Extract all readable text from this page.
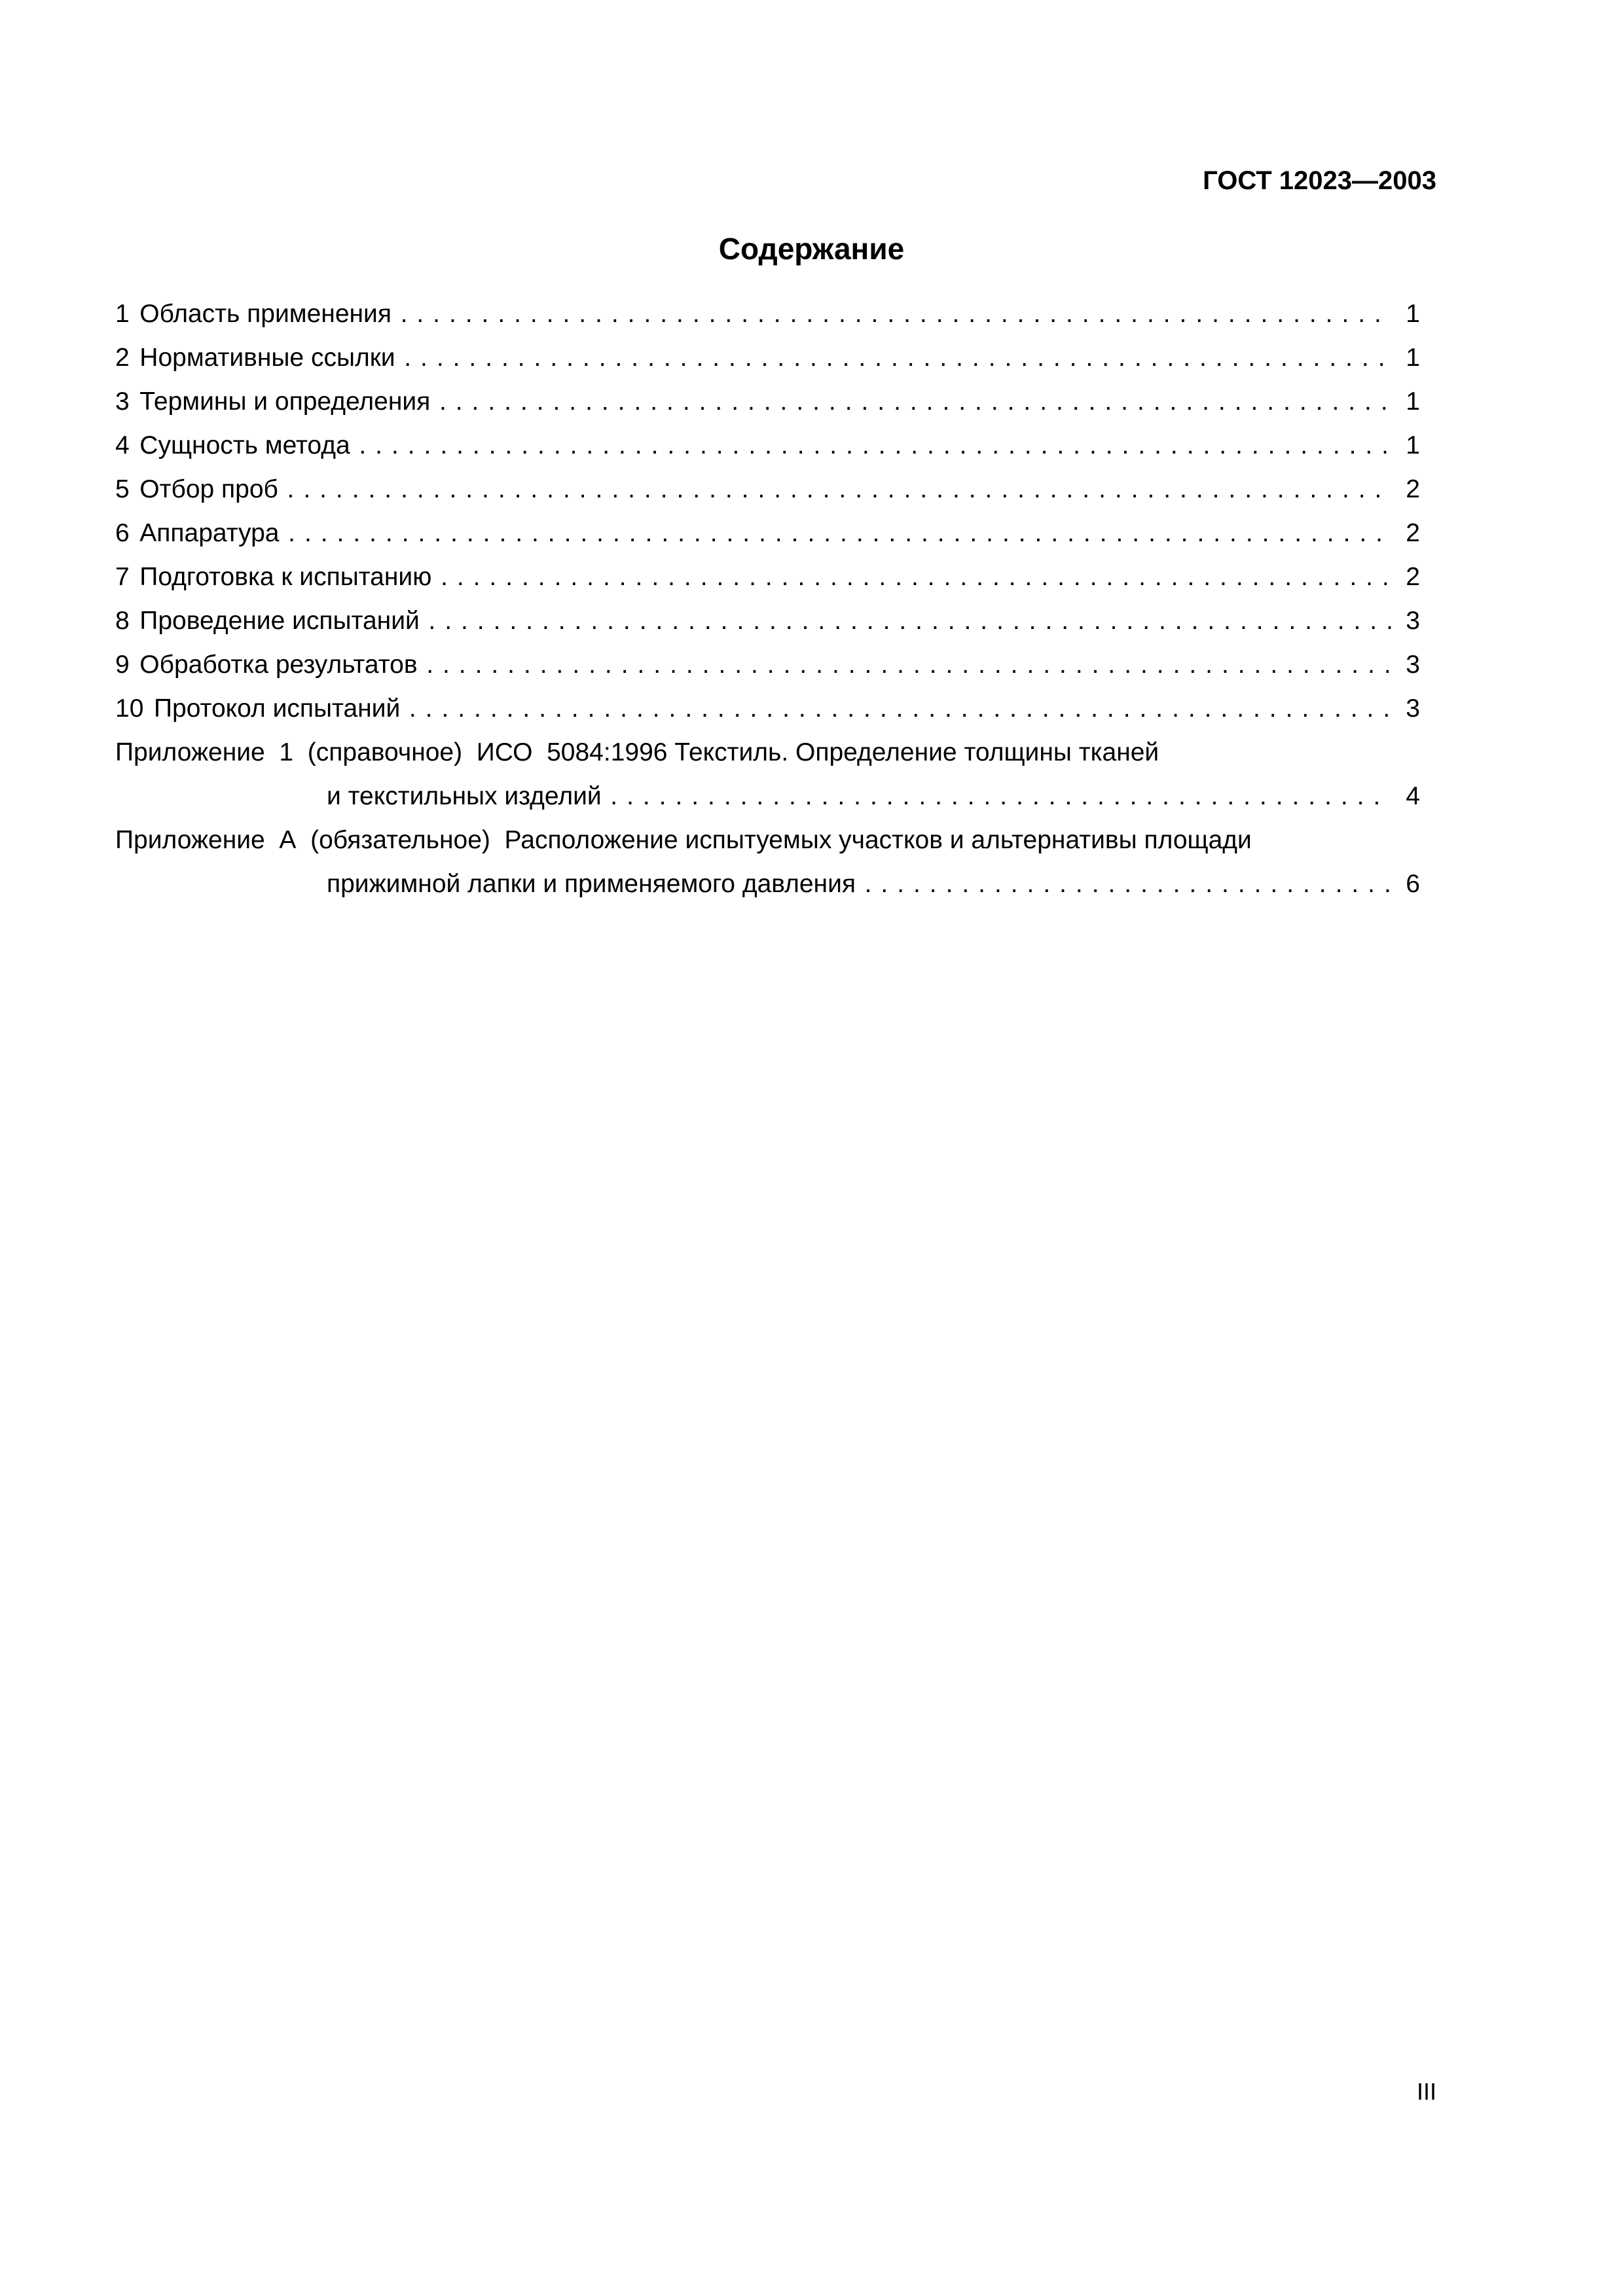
ГОСТ 12023—2003
Содержание
1 Область применения . . .	1
2 Нормативные ссылки . . .	1
3 Термины и определения . . .	1
4 Сущность метода . . .	1
5 Отбор проб . . .	2
6 Аппаратура . . .	2
7 Подготовка к испытанию . . .	2
8 Проведение испытаний . . .	3
9 Обработка результатов . . .	3
10 Протокол испытаний . . .	3
Приложение  1  (справочное)  ИСО  5084:1996 Текстиль. Определение толщины тканей
и текстильных изделий . . .	4
Приложение  А  (обязательное)  Расположение испытуемых участков и альтернативы площади
прижимной лапки и применяемого давления . . .	6
III
